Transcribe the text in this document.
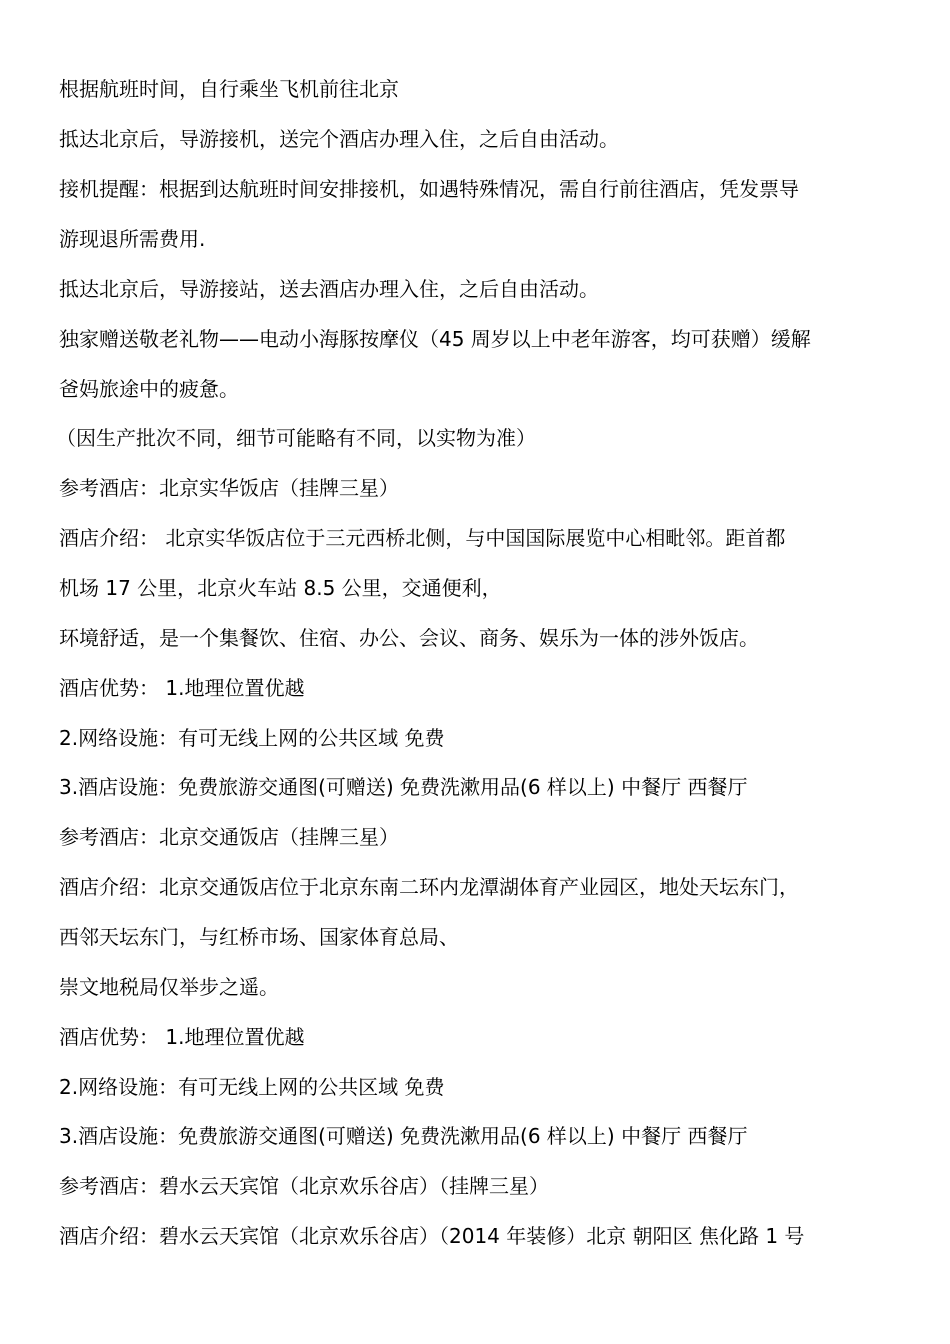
根据航班时间，自行乘坐飞机前往北京

抵达北京后，导游接机，送完个酒店办理入住，之后自由活动。

接机提醒：根据到达航班时间安排接机，如遇特殊情况，需自行前往酒店，凭发票导

游现退所需费用.

抵达北京后，导游接站，送去酒店办理入住，之后自由活动。

独家赠送敬老礼物——电动小海豚按摩仪（45 周岁以上中老年游客，均可获赠）缓解

爸妈旅途中的疲惫。

（因生产批次不同，细节可能略有不同，以实物为准）

参考酒店：北京实华饭店（挂牌三星）

酒店介绍： 北京实华饭店位于三元西桥北侧，与中国国际展览中心相毗邻。距首都

机场 17 公里，北京火车站 8.5 公里，交通便利，

环境舒适，是一个集餐饮、住宿、办公、会议、商务、娱乐为一体的涉外饭店。

酒店优势： 1.地理位置优越

2.网络设施：有可无线上网的公共区域 免费

3.酒店设施：免费旅游交通图(可赠送) 免费洗漱用品(6 样以上) 中餐厅 西餐厅

参考酒店：北京交通饭店（挂牌三星）

酒店介绍：北京交通饭店位于北京东南二环内龙潭湖体育产业园区，地处天坛东门，

西邻天坛东门，与红桥市场、国家体育总局、

崇文地税局仅举步之遥。

酒店优势： 1.地理位置优越

2.网络设施：有可无线上网的公共区域 免费

3.酒店设施：免费旅游交通图(可赠送) 免费洗漱用品(6 样以上) 中餐厅 西餐厅

参考酒店：碧水云天宾馆（北京欢乐谷店）（挂牌三星）

酒店介绍：碧水云天宾馆（北京欢乐谷店）（2014 年装修）北京 朝阳区 焦化路 1 号
